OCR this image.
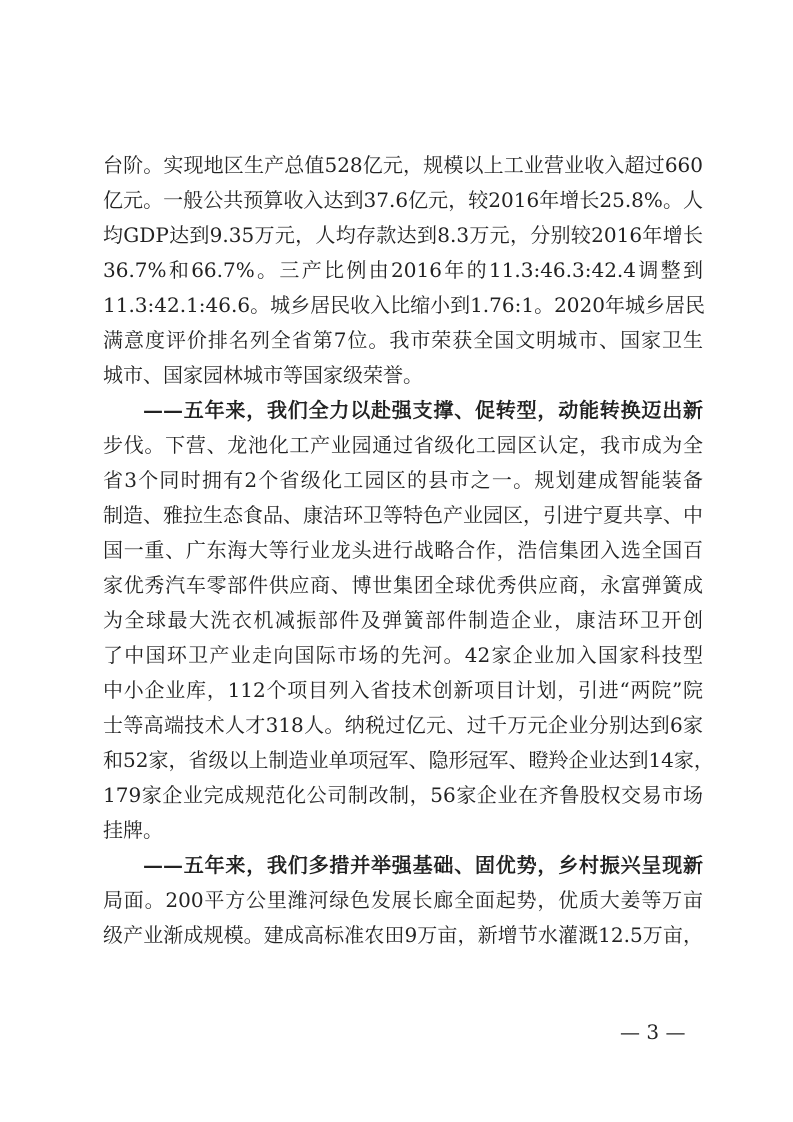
台阶。实现地区生产总值528亿元，规模以上工业营业收入超过660
亿元。一般公共预算收入达到37.6亿元，较2016年增长25.8%。人
均GDP达到9.35万元，人均存款达到8.3万元，分别较2016年增长
36.7%和66.7%。三产比例由2016年的11.3:46.3:42.4调整到
11.3:42.1:46.6。城乡居民收入比缩小到1.76:1。2020年城乡居民
满意度评价排名列全省第7位。我市荣获全国文明城市、国家卫生
城市、国家园林城市等国家级荣誉。
——五年来，我们全力以赴强支撑、促转型，动能转换迈出新
步伐。下营、龙池化工产业园通过省级化工园区认定，我市成为全
省3个同时拥有2个省级化工园区的县市之一。规划建成智能装备
制造、雅拉生态食品、康洁环卫等特色产业园区，引进宁夏共享、中
国一重、广东海大等行业龙头进行战略合作，浩信集团入选全国百
家优秀汽车零部件供应商、博世集团全球优秀供应商，永富弹簧成
为全球最大洗衣机减振部件及弹簧部件制造企业，康洁环卫开创
了中国环卫产业走向国际市场的先河。42家企业加入国家科技型
中小企业库，112个项目列入省技术创新项目计划，引进“两院”院
士等高端技术人才318人。纳税过亿元、过千万元企业分别达到6家
和52家，省级以上制造业单项冠军、隐形冠军、瞪羚企业达到14家，
179家企业完成规范化公司制改制，56家企业在齐鲁股权交易市场
挂牌。
——五年来，我们多措并举强基础、固优势，乡村振兴呈现新
局面。200平方公里潍河绿色发展长廊全面起势，优质大姜等万亩
级产业渐成规模。建成高标准农田9万亩，新增节水灌溉12.5万亩，
— 3 —
